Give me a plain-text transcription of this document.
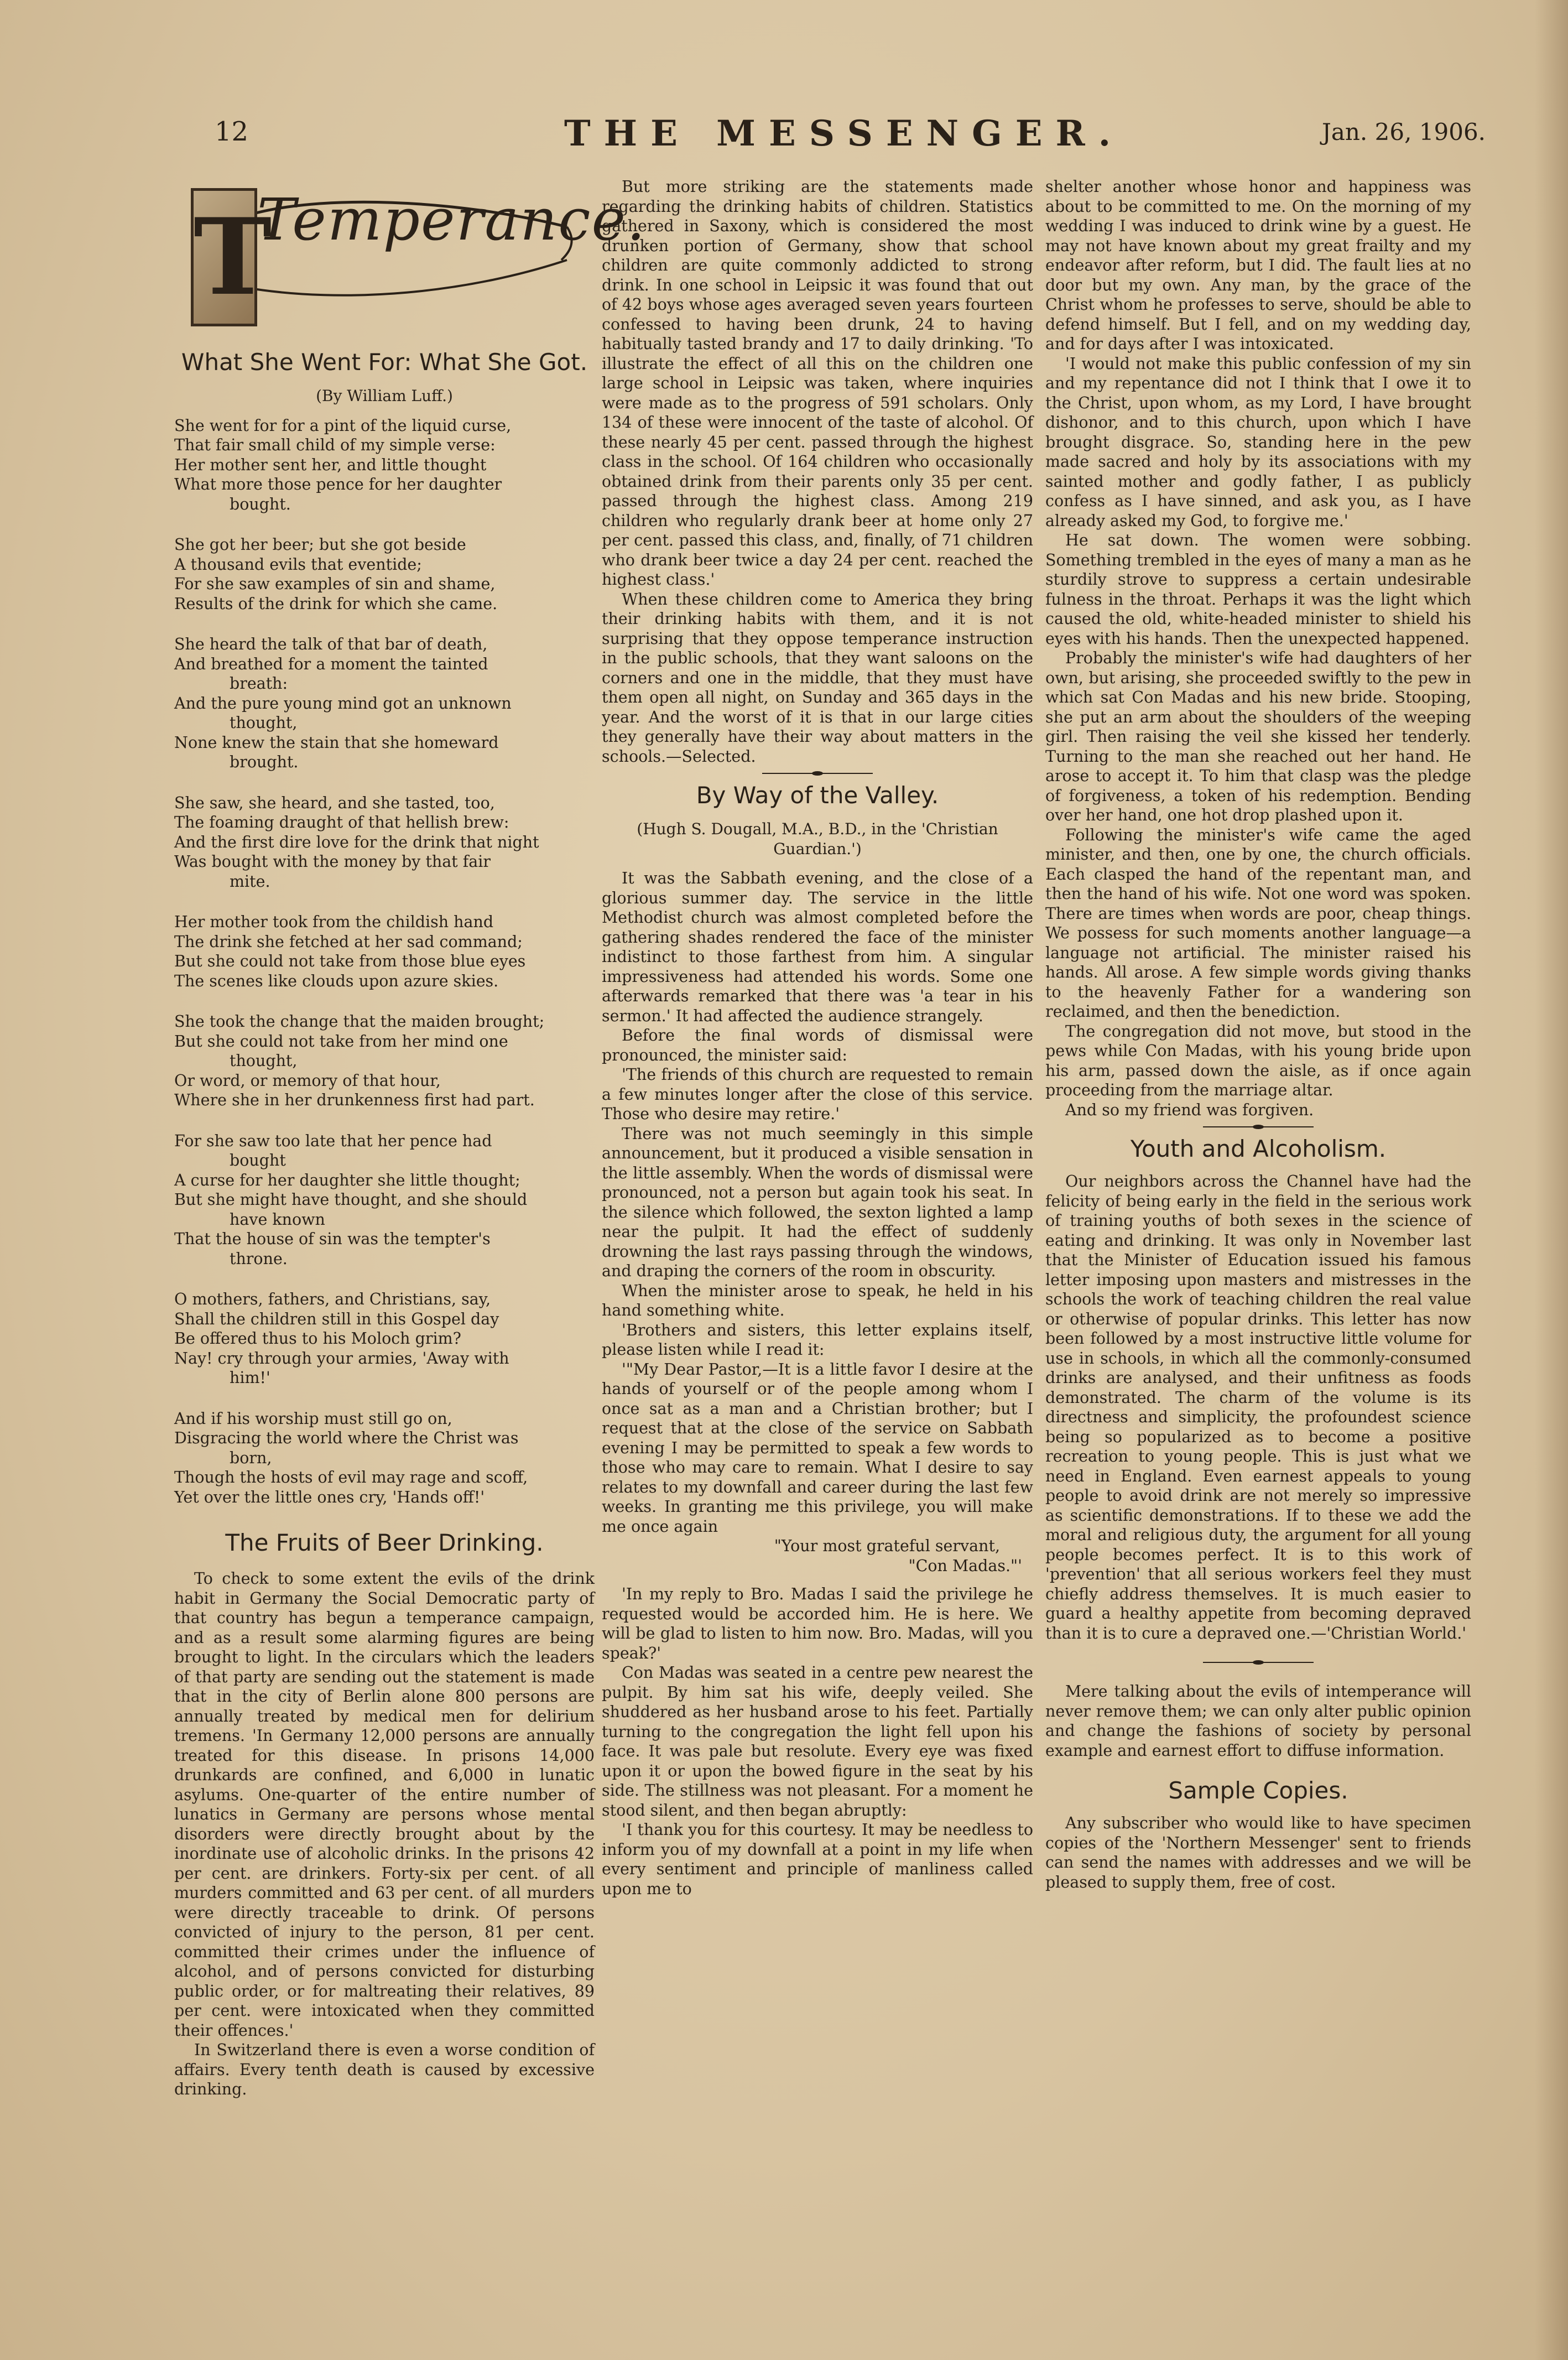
12	THE MESSENGER.	Jan. 26, 1906.
T
Temperance.
What She Went For: What She Got.
(By William Luff.)
She went for for a pint of the liquid curse,
That fair small child of my simple verse:
Her mother sent her, and little thought
What more those pence for her daughter
bought.
She got her beer; but she got beside
A thousand evils that eventide;
For she saw examples of sin and shame,
Results of the drink for which she came.
She heard the talk of that bar of death,
And breathed for a moment the tainted
breath:
And the pure young mind got an unknown
thought,
None knew the stain that she homeward
brought.
She saw, she heard, and she tasted, too,
The foaming draught of that hellish brew:
And the first dire love for the drink that night
Was bought with the money by that fair
mite.
Her mother took from the childish hand
The drink she fetched at her sad command;
But she could not take from those blue eyes
The scenes like clouds upon azure skies.
She took the change that the maiden brought;
But she could not take from her mind one
thought,
Or word, or memory of that hour,
Where she in her drunkenness first had part.
For she saw too late that her pence had
bought
A curse for her daughter she little thought;
But she might have thought, and she should
have known
That the house of sin was the tempter's
throne.
O mothers, fathers, and Christians, say,
Shall the children still in this Gospel day
Be offered thus to his Moloch grim?
Nay! cry through your armies, 'Away with
him!'
And if his worship must still go on,
Disgracing the world where the Christ was
born,
Though the hosts of evil may rage and scoff,
Yet over the little ones cry, 'Hands off!'
The Fruits of Beer Drinking.

To check to some extent the evils of the drink habit in Germany the Social Democratic party of that country has begun a temperance campaign, and as a result some alarming figures are being brought to light. In the circulars which the leaders of that party are sending out the statement is made that in the city of Berlin alone 800 persons are annually treated by medical men for delirium tremens. 'In Germany 12,000 persons are annually treated for this disease. In prisons 14,000 drunkards are confined, and 6,000 in lunatic asylums. One-quarter of the entire number of lunatics in Germany are persons whose mental disorders were directly brought about by the inordinate use of alcoholic drinks. In the prisons 42 per cent. are drinkers. Forty-six per cent. of all murders committed and 63 per cent. of all murders were directly traceable to drink. Of persons convicted of injury to the person, 81 per cent. committed their crimes under the influence of alcohol, and of persons convicted for disturbing public order, or for maltreating their relatives, 89 per cent. were intoxicated when they committed their offences.'

In Switzerland there is even a worse condition of affairs. Every tenth death is caused by excessive drinking.

But more striking are the statements made regarding the drinking habits of children. Statistics gathered in Saxony, which is considered the most drunken portion of Germany, show that school children are quite commonly addicted to strong drink. In one school in Leipsic it was found that out of 42 boys whose ages averaged seven years fourteen confessed to having been drunk, 24 to having habitually tasted brandy and 17 to daily drinking. 'To illustrate the effect of all this on the children one large school in Leipsic was taken, where inquiries were made as to the progress of 591 scholars. Only 134 of these were innocent of the taste of alcohol. Of these nearly 45 per cent. passed through the highest class in the school. Of 164 children who occasionally obtained drink from their parents only 35 per cent. passed through the highest class. Among 219 children who regularly drank beer at home only 27 per cent. passed this class, and, finally, of 71 children who drank beer twice a day 24 per cent. reached the highest class.'

When these children come to America they bring their drinking habits with them, and it is not surprising that they oppose temperance instruction in the public schools, that they want saloons on the corners and one in the middle, that they must have them open all night, on Sunday and 365 days in the year. And the worst of it is that in our large cities they generally have their way about matters in the schools.—Selected.

By Way of the Valley.
(Hugh S. Dougall, M.A., B.D., in the 'Christian Guardian.')

It was the Sabbath evening, and the close of a glorious summer day. The service in the little Methodist church was almost completed before the gathering shades rendered the face of the minister indistinct to those farthest from him. A singular impressiveness had attended his words. Some one afterwards remarked that there was 'a tear in his sermon.' It had affected the audience strangely.

Before the final words of dismissal were pronounced, the minister said:

'The friends of this church are requested to remain a few minutes longer after the close of this service. Those who desire may retire.'

There was not much seemingly in this simple announcement, but it produced a visible sensation in the little assembly. When the words of dismissal were pronounced, not a person but again took his seat. In the silence which followed, the sexton lighted a lamp near the pulpit. It had the effect of suddenly drowning the last rays passing through the windows, and draping the corners of the room in obscurity.

When the minister arose to speak, he held in his hand something white.

'Brothers and sisters, this letter explains itself, please listen while I read it:

'"My Dear Pastor,—It is a little favor I desire at the hands of yourself or of the people among whom I once sat as a man and a Christian brother; but I request that at the close of the service on Sabbath evening I may be permitted to speak a few words to those who may care to remain. What I desire to say relates to my downfall and career during the last few weeks. In granting me this privilege, you will make me once again

"Your most grateful servant,
"Con Madas."'

'In my reply to Bro. Madas I said the privilege he requested would be accorded him. He is here. We will be glad to listen to him now. Bro. Madas, will you speak?'

Con Madas was seated in a centre pew nearest the pulpit. By him sat his wife, deeply veiled. She shuddered as her husband arose to his feet. Partially turning to the congregation the light fell upon his face. It was pale but resolute. Every eye was fixed upon it or upon the bowed figure in the seat by his side. The stillness was not pleasant. For a moment he stood silent, and then began abruptly:

'I thank you for this courtesy. It may be needless to inform you of my downfall at a point in my life when every sentiment and principle of manliness called upon me to

shelter another whose honor and happiness was about to be committed to me. On the morning of my wedding I was induced to drink wine by a guest. He may not have known about my great frailty and my endeavor after reform, but I did. The fault lies at no door but my own. Any man, by the grace of the Christ whom he professes to serve, should be able to defend himself. But I fell, and on my wedding day, and for days after I was intoxicated.

'I would not make this public confession of my sin and my repentance did not I think that I owe it to the Christ, upon whom, as my Lord, I have brought dishonor, and to this church, upon which I have brought disgrace. So, standing here in the pew made sacred and holy by its associations with my sainted mother and godly father, I as publicly confess as I have sinned, and ask you, as I have already asked my God, to forgive me.'

He sat down. The women were sobbing. Something trembled in the eyes of many a man as he sturdily strove to suppress a certain undesirable fulness in the throat. Perhaps it was the light which caused the old, white-headed minister to shield his eyes with his hands. Then the unexpected happened.

Probably the minister's wife had daughters of her own, but arising, she proceeded swiftly to the pew in which sat Con Madas and his new bride. Stooping, she put an arm about the shoulders of the weeping girl. Then raising the veil she kissed her tenderly. Turning to the man she reached out her hand. He arose to accept it. To him that clasp was the pledge of forgiveness, a token of his redemption. Bending over her hand, one hot drop plashed upon it.

Following the minister's wife came the aged minister, and then, one by one, the church officials. Each clasped the hand of the repentant man, and then the hand of his wife. Not one word was spoken. There are times when words are poor, cheap things. We possess for such moments another language—a language not artificial. The minister raised his hands. All arose. A few simple words giving thanks to the heavenly Father for a wandering son reclaimed, and then the benediction.

The congregation did not move, but stood in the pews while Con Madas, with his young bride upon his arm, passed down the aisle, as if once again proceeding from the marriage altar.

And so my friend was forgiven.

Youth and Alcoholism.

Our neighbors across the Channel have had the felicity of being early in the field in the serious work of training youths of both sexes in the science of eating and drinking. It was only in November last that the Minister of Education issued his famous letter imposing upon masters and mistresses in the schools the work of teaching children the real value or otherwise of popular drinks. This letter has now been followed by a most instructive little volume for use in schools, in which all the commonly-consumed drinks are analysed, and their unfitness as foods demonstrated. The charm of the volume is its directness and simplicity, the profoundest science being so popularized as to become a positive recreation to young people. This is just what we need in England. Even earnest appeals to young people to avoid drink are not merely so impressive as scientific demonstrations. If to these we add the moral and religious duty, the argument for all young people becomes perfect. It is to this work of 'prevention' that all serious workers feel they must chiefly address themselves. It is much easier to guard a healthy appetite from becoming depraved than it is to cure a depraved one.—'Christian World.'

Mere talking about the evils of intemperance will never remove them; we can only alter public opinion and change the fashions of society by personal example and earnest effort to diffuse information.

Sample Copies.

Any subscriber who would like to have specimen copies of the 'Northern Messenger' sent to friends can send the names with addresses and we will be pleased to supply them, free of cost.
